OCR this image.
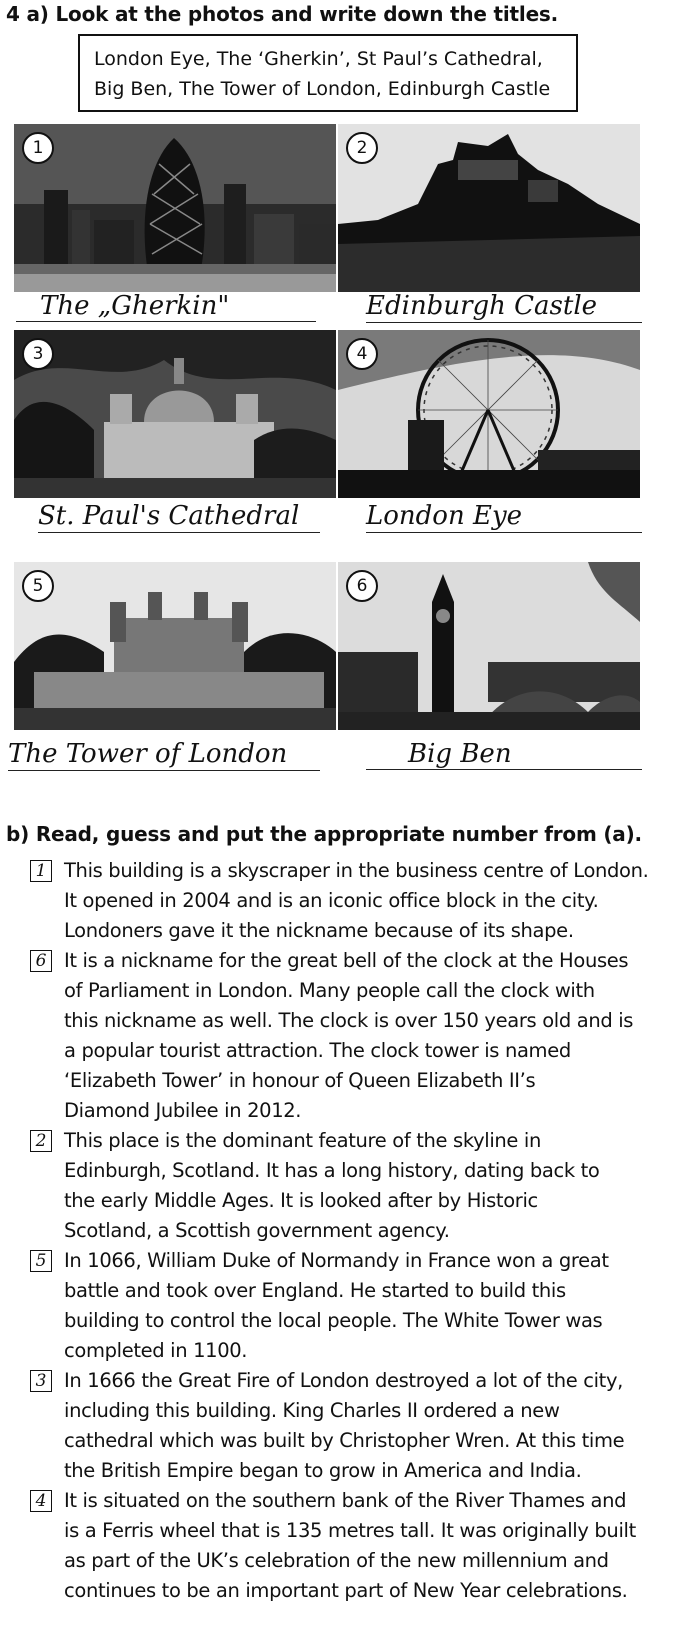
4 a) Look at the photos and write down the titles.
London Eye, The ‘Gherkin’, St Paul’s Cathedral,
Big Ben, The Tower of London, Edinburgh Castle
1	2
The „Gherkin"	Edinburgh Castle
3	4
St. Paul's Cathedral	London Eye
5	6
The Tower of London	Big Ben
b) Read, guess and put the appropriate number from (a).
1 This building is a skyscraper in the business centre of London.
It opened in 2004 and is an iconic office block in the city.
Londoners gave it the nickname because of its shape.
6 It is a nickname for the great bell of the clock at the Houses
of Parliament in London. Many people call the clock with
this nickname as well. The clock is over 150 years old and is
a popular tourist attraction. The clock tower is named
‘Elizabeth Tower’ in honour of Queen Elizabeth II’s
Diamond Jubilee in 2012.
2 This place is the dominant feature of the skyline in
Edinburgh, Scotland. It has a long history, dating back to
the early Middle Ages. It is looked after by Historic
Scotland, a Scottish government agency.
5 In 1066, William Duke of Normandy in France won a great
battle and took over England. He started to build this
building to control the local people. The White Tower was
completed in 1100.
3 In 1666 the Great Fire of London destroyed a lot of the city,
including this building. King Charles II ordered a new
cathedral which was built by Christopher Wren. At this time
the British Empire began to grow in America and India.
4 It is situated on the southern bank of the River Thames and
is a Ferris wheel that is 135 metres tall. It was originally built
as part of the UK’s celebration of the new millennium and
continues to be an important part of New Year celebrations.
